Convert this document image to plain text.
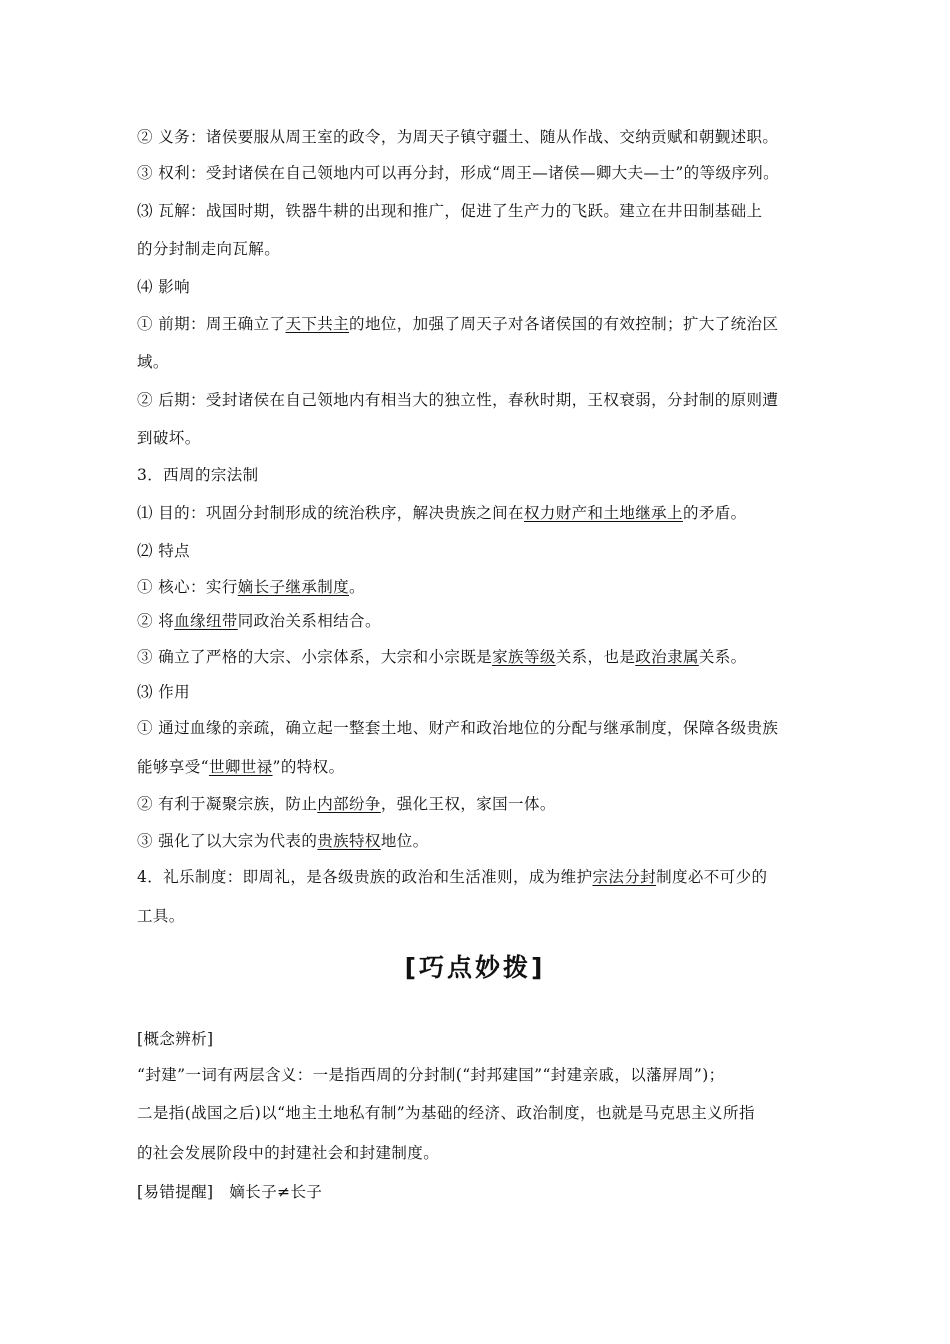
② 义务：诸侯要服从周王室的政令，为周天子镇守疆土、随从作战、交纳贡赋和朝觐述职。
③ 权利：受封诸侯在自己领地内可以再分封，形成“周王—诸侯—卿大夫—士”的等级序列。
⑶ 瓦解：战国时期，铁器牛耕的出现和推广，促进了生产力的飞跃。建立在井田制基础上
的分封制走向瓦解。
⑷ 影响
① 前期：周王确立了天下共主的地位，加强了周天子对各诸侯国的有效控制；扩大了统治区
域。
② 后期：受封诸侯在自己领地内有相当大的独立性，春秋时期，王权衰弱，分封制的原则遭
到破坏。
3．西周的宗法制
⑴ 目的：巩固分封制形成的统治秩序，解决贵族之间在权力财产和土地继承上的矛盾。
⑵ 特点
① 核心：实行嫡长子继承制度。
② 将血缘纽带同政治关系相结合。
③ 确立了严格的大宗、小宗体系，大宗和小宗既是家族等级关系，也是政治隶属关系。
⑶ 作用
① 通过血缘的亲疏，确立起一整套土地、财产和政治地位的分配与继承制度，保障各级贵族
能够享受“世卿世禄”的特权。
② 有利于凝聚宗族，防止内部纷争，强化王权，家国一体。
③ 强化了以大宗为代表的贵族特权地位。
4．礼乐制度：即周礼，是各级贵族的政治和生活准则，成为维护宗法分封制度必不可少的
工具。
[巧点妙拨]
[概念辨析]
“封建”一词有两层含义：一是指西周的分封制(“封邦建国”“封建亲戚，以藩屏周”)；
二是指(战国之后)以“地主土地私有制”为基础的经济、政治制度，也就是马克思主义所指
的社会发展阶段中的封建社会和封建制度。
[易错提醒]　嫡长子≠长子
